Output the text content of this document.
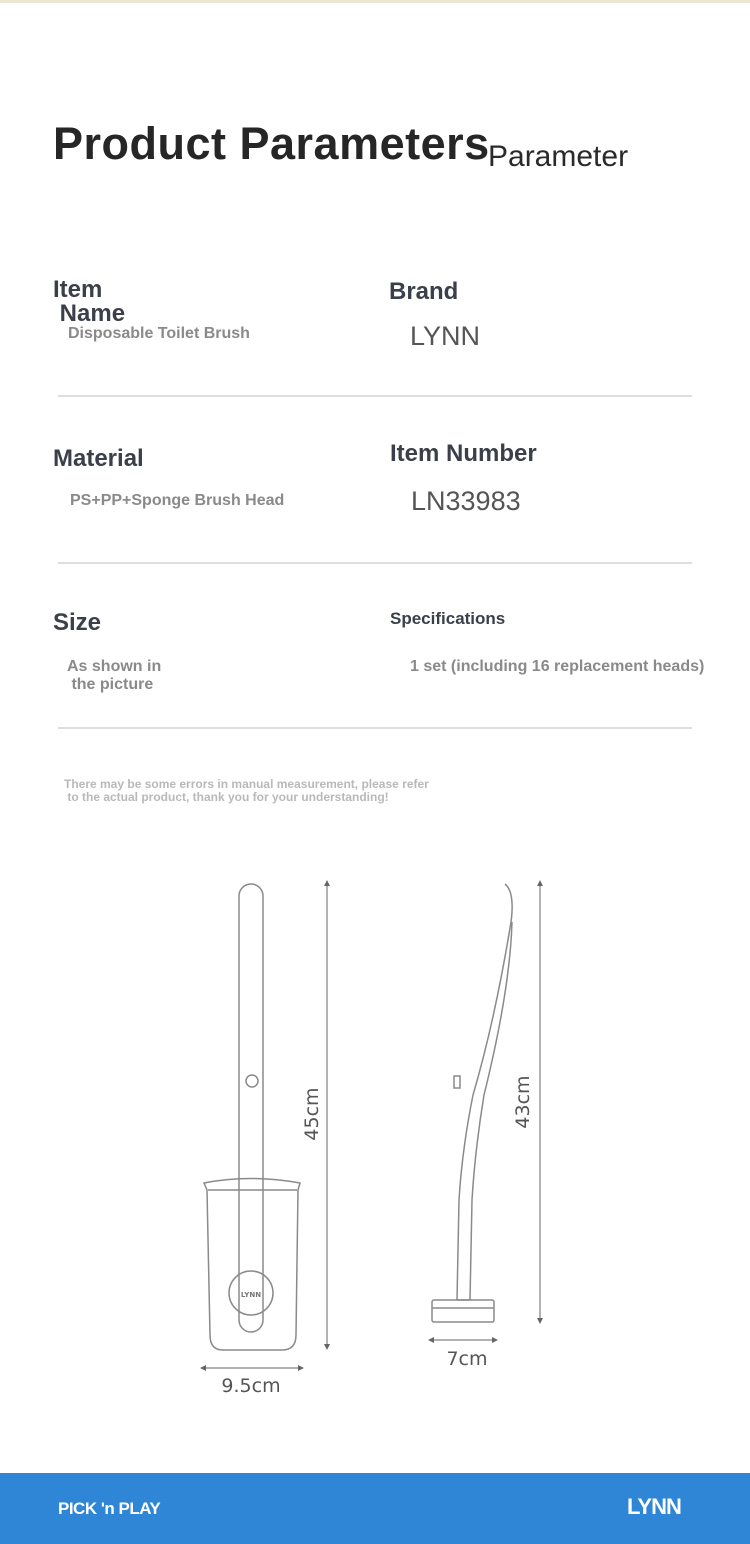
Product Parameters
Parameter
Item
Name
Disposable Toilet Brush
Brand
LYNN
Material
PS+PP+Sponge Brush Head
Item Number
LN33983
Size
As shown in
the picture
Specifications
1 set (including 16 replacement heads)
There may be some errors in manual measurement, please refer
to the actual product, thank you for your understanding!
45cm
9.5cm
43cm
7cm
LYNN
PICK 'n PLAY	LYNN
